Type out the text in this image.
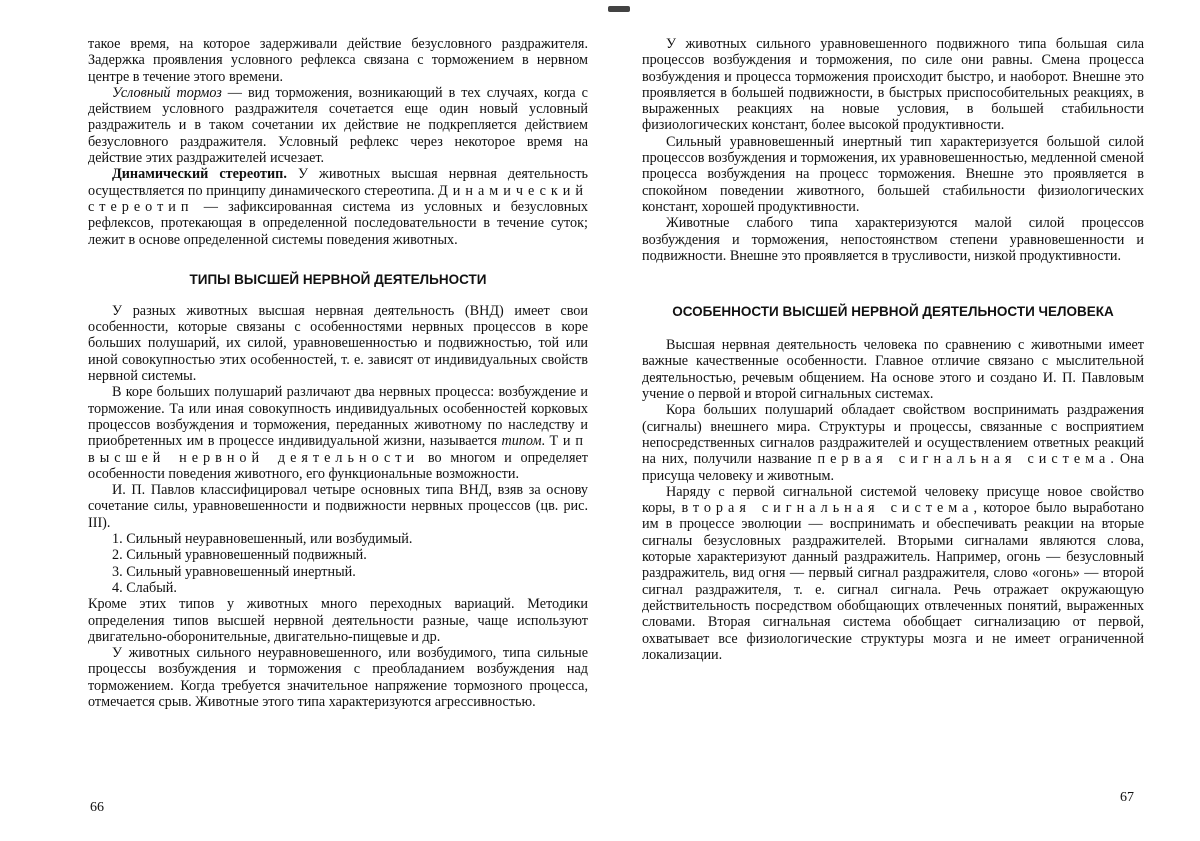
такое время, на которое задерживали действие безусловного раздражителя. Задержка проявления условного рефлекса связана с торможением в нервном центре в течение этого времени.

Условный тормоз — вид торможения, возникающий в тех случаях, когда с действием условного раздражителя сочетается еще один новый условный раздражитель и в таком сочетании их действие не подкрепляется действием безусловного раздражителя. Условный рефлекс через некоторое время на действие этих раздражителей исчезает.

Динамический стереотип. У животных высшая нервная деятельность осуществляется по принципу динамического стереотипа. Динамический стереотип — зафиксированная система из условных и безусловных рефлексов, протекающая в определенной последовательности в течение суток; лежит в основе определенной системы поведения животных.

ТИПЫ ВЫСШЕЙ НЕРВНОЙ ДЕЯТЕЛЬНОСТИ

У разных животных высшая нервная деятельность (ВНД) имеет свои особенности, которые связаны с особенностями нервных процессов в коре больших полушарий, их силой, уравновешенностью и подвижностью, той или иной совокупностью этих особенностей, т. е. зависят от индивидуальных свойств нервной системы.

В коре больших полушарий различают два нервных процесса: возбуждение и торможение. Та или иная совокупность индивидуальных особенностей корковых процессов возбуждения и торможения, переданных животному по наследству и приобретенных им в процессе индивидуальной жизни, называется типом. Тип высшей нервной деятельности во многом и определяет особенности поведения животного, его функциональные возможности.

И. П. Павлов классифицировал четыре основных типа ВНД, взяв за основу сочетание силы, уравновешенности и подвижности нервных процессов (цв. рис. III).

1. Сильный неуравновешенный, или возбудимый.
2. Сильный уравновешенный подвижный.
3. Сильный уравновешенный инертный.
4. Слабый.

Кроме этих типов у животных много переходных вариаций. Методики определения типов высшей нервной деятельности разные, чаще используют двигательно-оборонительные, двигательно-пищевые и др.

У животных сильного неуравновешенного, или возбудимого, типа сильные процессы возбуждения и торможения с преобладанием возбуждения над торможением. Когда требуется значительное напряжение тормозного процесса, отмечается срыв. Животные этого типа характеризуются агрессивностью.

66

У животных сильного уравновешенного подвижного типа большая сила процессов возбуждения и торможения, по силе они равны. Смена процесса возбуждения и процесса торможения происходит быстро, и наоборот. Внешне это проявляется в большей подвижности, в быстрых приспособительных реакциях, в выраженных реакциях на новые условия, в большей стабильности физиологических констант, более высокой продуктивности.

Сильный уравновешенный инертный тип характеризуется большой силой процессов возбуждения и торможения, их уравновешенностью, медленной сменой процесса возбуждения на процесс торможения. Внешне это проявляется в спокойном поведении животного, большей стабильности физиологических констант, хорошей продуктивности.

Животные слабого типа характеризуются малой силой процессов возбуждения и торможения, непостоянством степени уравновешенности и подвижности. Внешне это проявляется в трусливости, низкой продуктивности.

ОСОБЕННОСТИ ВЫСШЕЙ НЕРВНОЙ ДЕЯТЕЛЬНОСТИ ЧЕЛОВЕКА

Высшая нервная деятельность человека по сравнению с животными имеет важные качественные особенности. Главное отличие связано с мыслительной деятельностью, речевым общением. На основе этого и создано И. П. Павловым учение о первой и второй сигнальных системах.

Кора больших полушарий обладает свойством воспринимать раздражения (сигналы) внешнего мира. Структуры и процессы, связанные с восприятием непосредственных сигналов раздражителей и осуществлением ответных реакций на них, получили название первая сигнальная система. Она присуща человеку и животным.

Наряду с первой сигнальной системой человеку присуще новое свойство коры, вторая сигнальная система, которое было выработано им в процессе эволюции — воспринимать и обеспечивать реакции на вторые сигналы безусловных раздражителей. Вторыми сигналами являются слова, которые характеризуют данный раздражитель. Например, огонь — безусловный раздражитель, вид огня — первый сигнал раздражителя, слово «огонь» — второй сигнал раздражителя, т. е. сигнал сигнала. Речь отражает окружающую действительность посредством обобщающих отвлеченных понятий, выраженных словами. Вторая сигнальная система обобщает сигнализацию от первой, охватывает все физиологические структуры мозга и не имеет ограниченной локализации.

67
